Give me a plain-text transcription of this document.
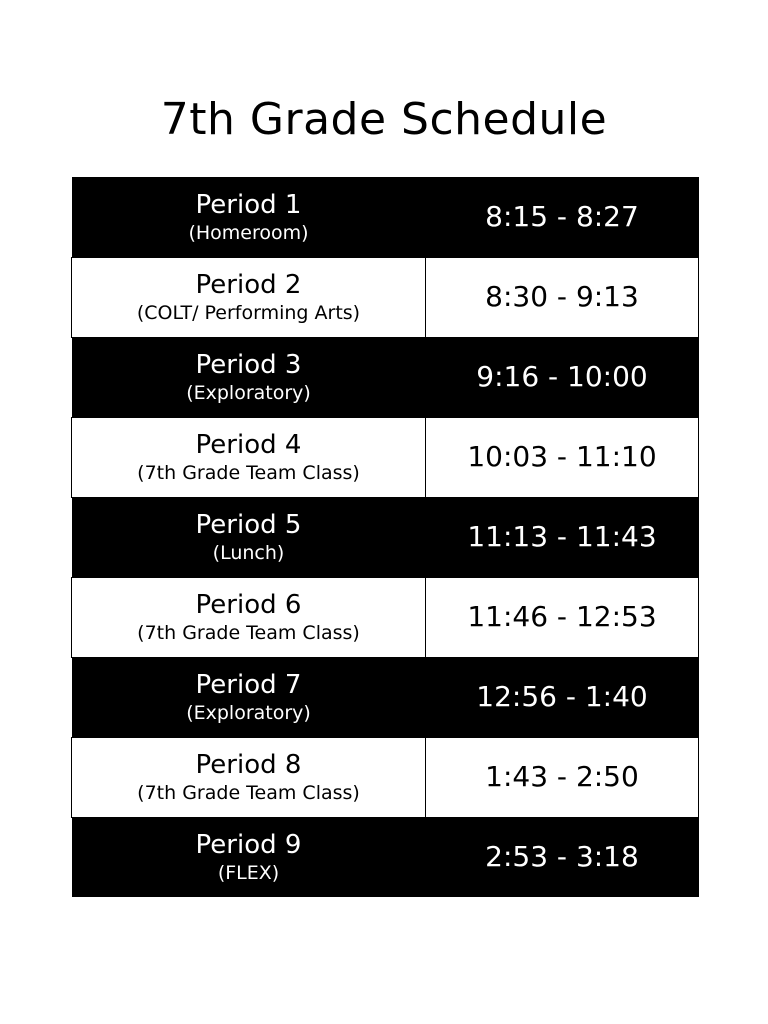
7th Grade Schedule
Period 1
(Homeroom)	8:15 - 8:27

Period 2
(COLT/ Performing Arts)	8:30 - 9:13

Period 3
(Exploratory)	9:16 - 10:00

Period 4
(7th Grade Team Class)	10:03 - 11:10

Period 5
(Lunch)	11:13 - 11:43

Period 6
(7th Grade Team Class)	11:46 - 12:53

Period 7
(Exploratory)	12:56 - 1:40

Period 8
(7th Grade Team Class)	1:43 - 2:50

Period 9
(FLEX)	2:53 - 3:18
